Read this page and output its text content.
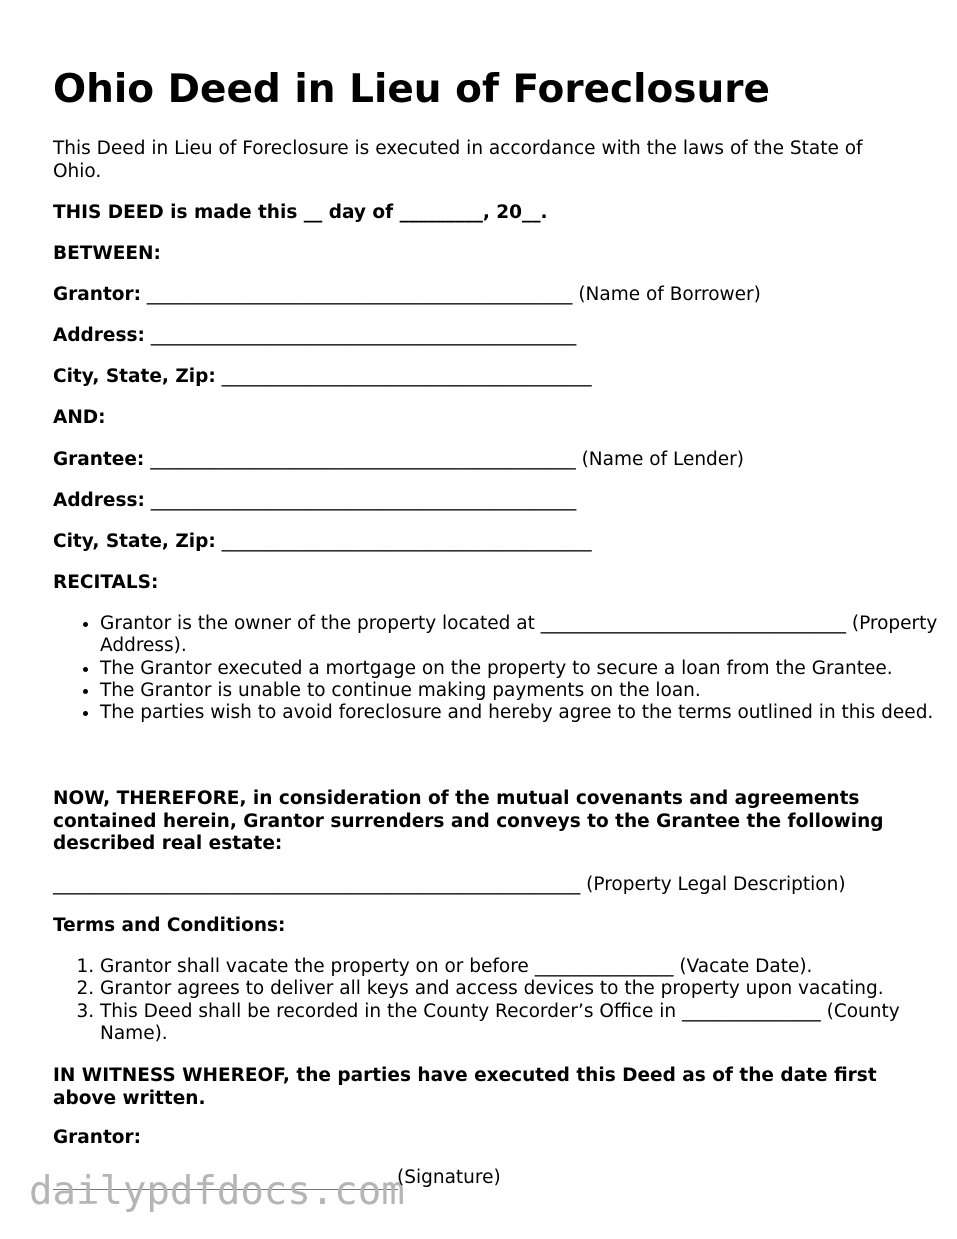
Ohio Deed in Lieu of Foreclosure

This Deed in Lieu of Foreclosure is executed in accordance with the laws of the State of Ohio.

THIS DEED is made this __ day of _________, 20__.

BETWEEN:

Grantor: ______________________________________________ (Name of Borrower)

Address: ______________________________________________

City, State, Zip: ________________________________________

AND:

Grantee: ______________________________________________ (Name of Lender)

Address: ______________________________________________

City, State, Zip: ________________________________________

RECITALS:

• Grantor is the owner of the property located at _________________________________ (Property Address).
• The Grantor executed a mortgage on the property to secure a loan from the Grantee.
• The Grantor is unable to continue making payments on the loan.
• The parties wish to avoid foreclosure and hereby agree to the terms outlined in this deed.

NOW, THEREFORE, in consideration of the mutual covenants and agreements contained herein, Grantor surrenders and conveys to the Grantee the following described real estate:

_________________________________________________________ (Property Legal Description)

Terms and Conditions:

1. Grantor shall vacate the property on or before _______________ (Vacate Date).
2. Grantor agrees to deliver all keys and access devices to the property upon vacating.
3. This Deed shall be recorded in the County Recorder’s Office in _______________ (County Name).

IN WITNESS WHEREOF, the parties have executed this Deed as of the date first above written.

Grantor:

dailypdfdocs.com
(Signature)
